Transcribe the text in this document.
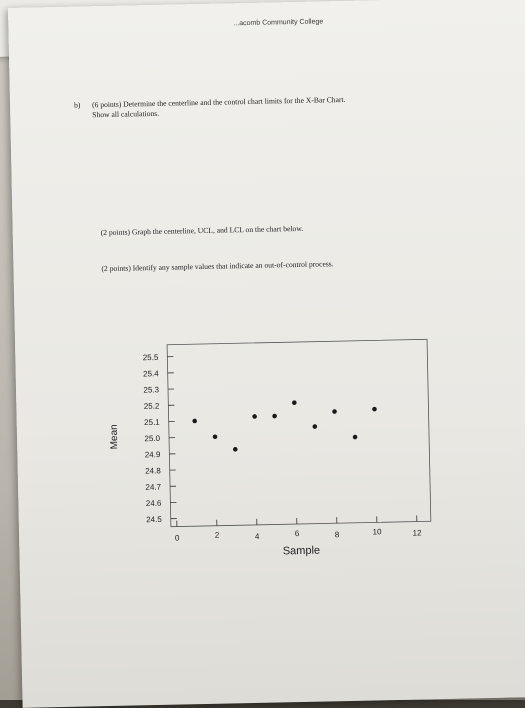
...acomb Community College
b) (6 points) Determine the centerline and the control chart limits for the X-Bar Chart.
Show all calculations.
(2 points) Graph the centerline, UCL, and LCL on the chart below.
(2 points) Identify any sample values that indicate an out-of-control process.
25.5
25.4
25.3
25.2
25.1
25.0
24.9
24.8
24.7
24.6
24.5
0	2	4	6	8	10	12
Sample
Mean
